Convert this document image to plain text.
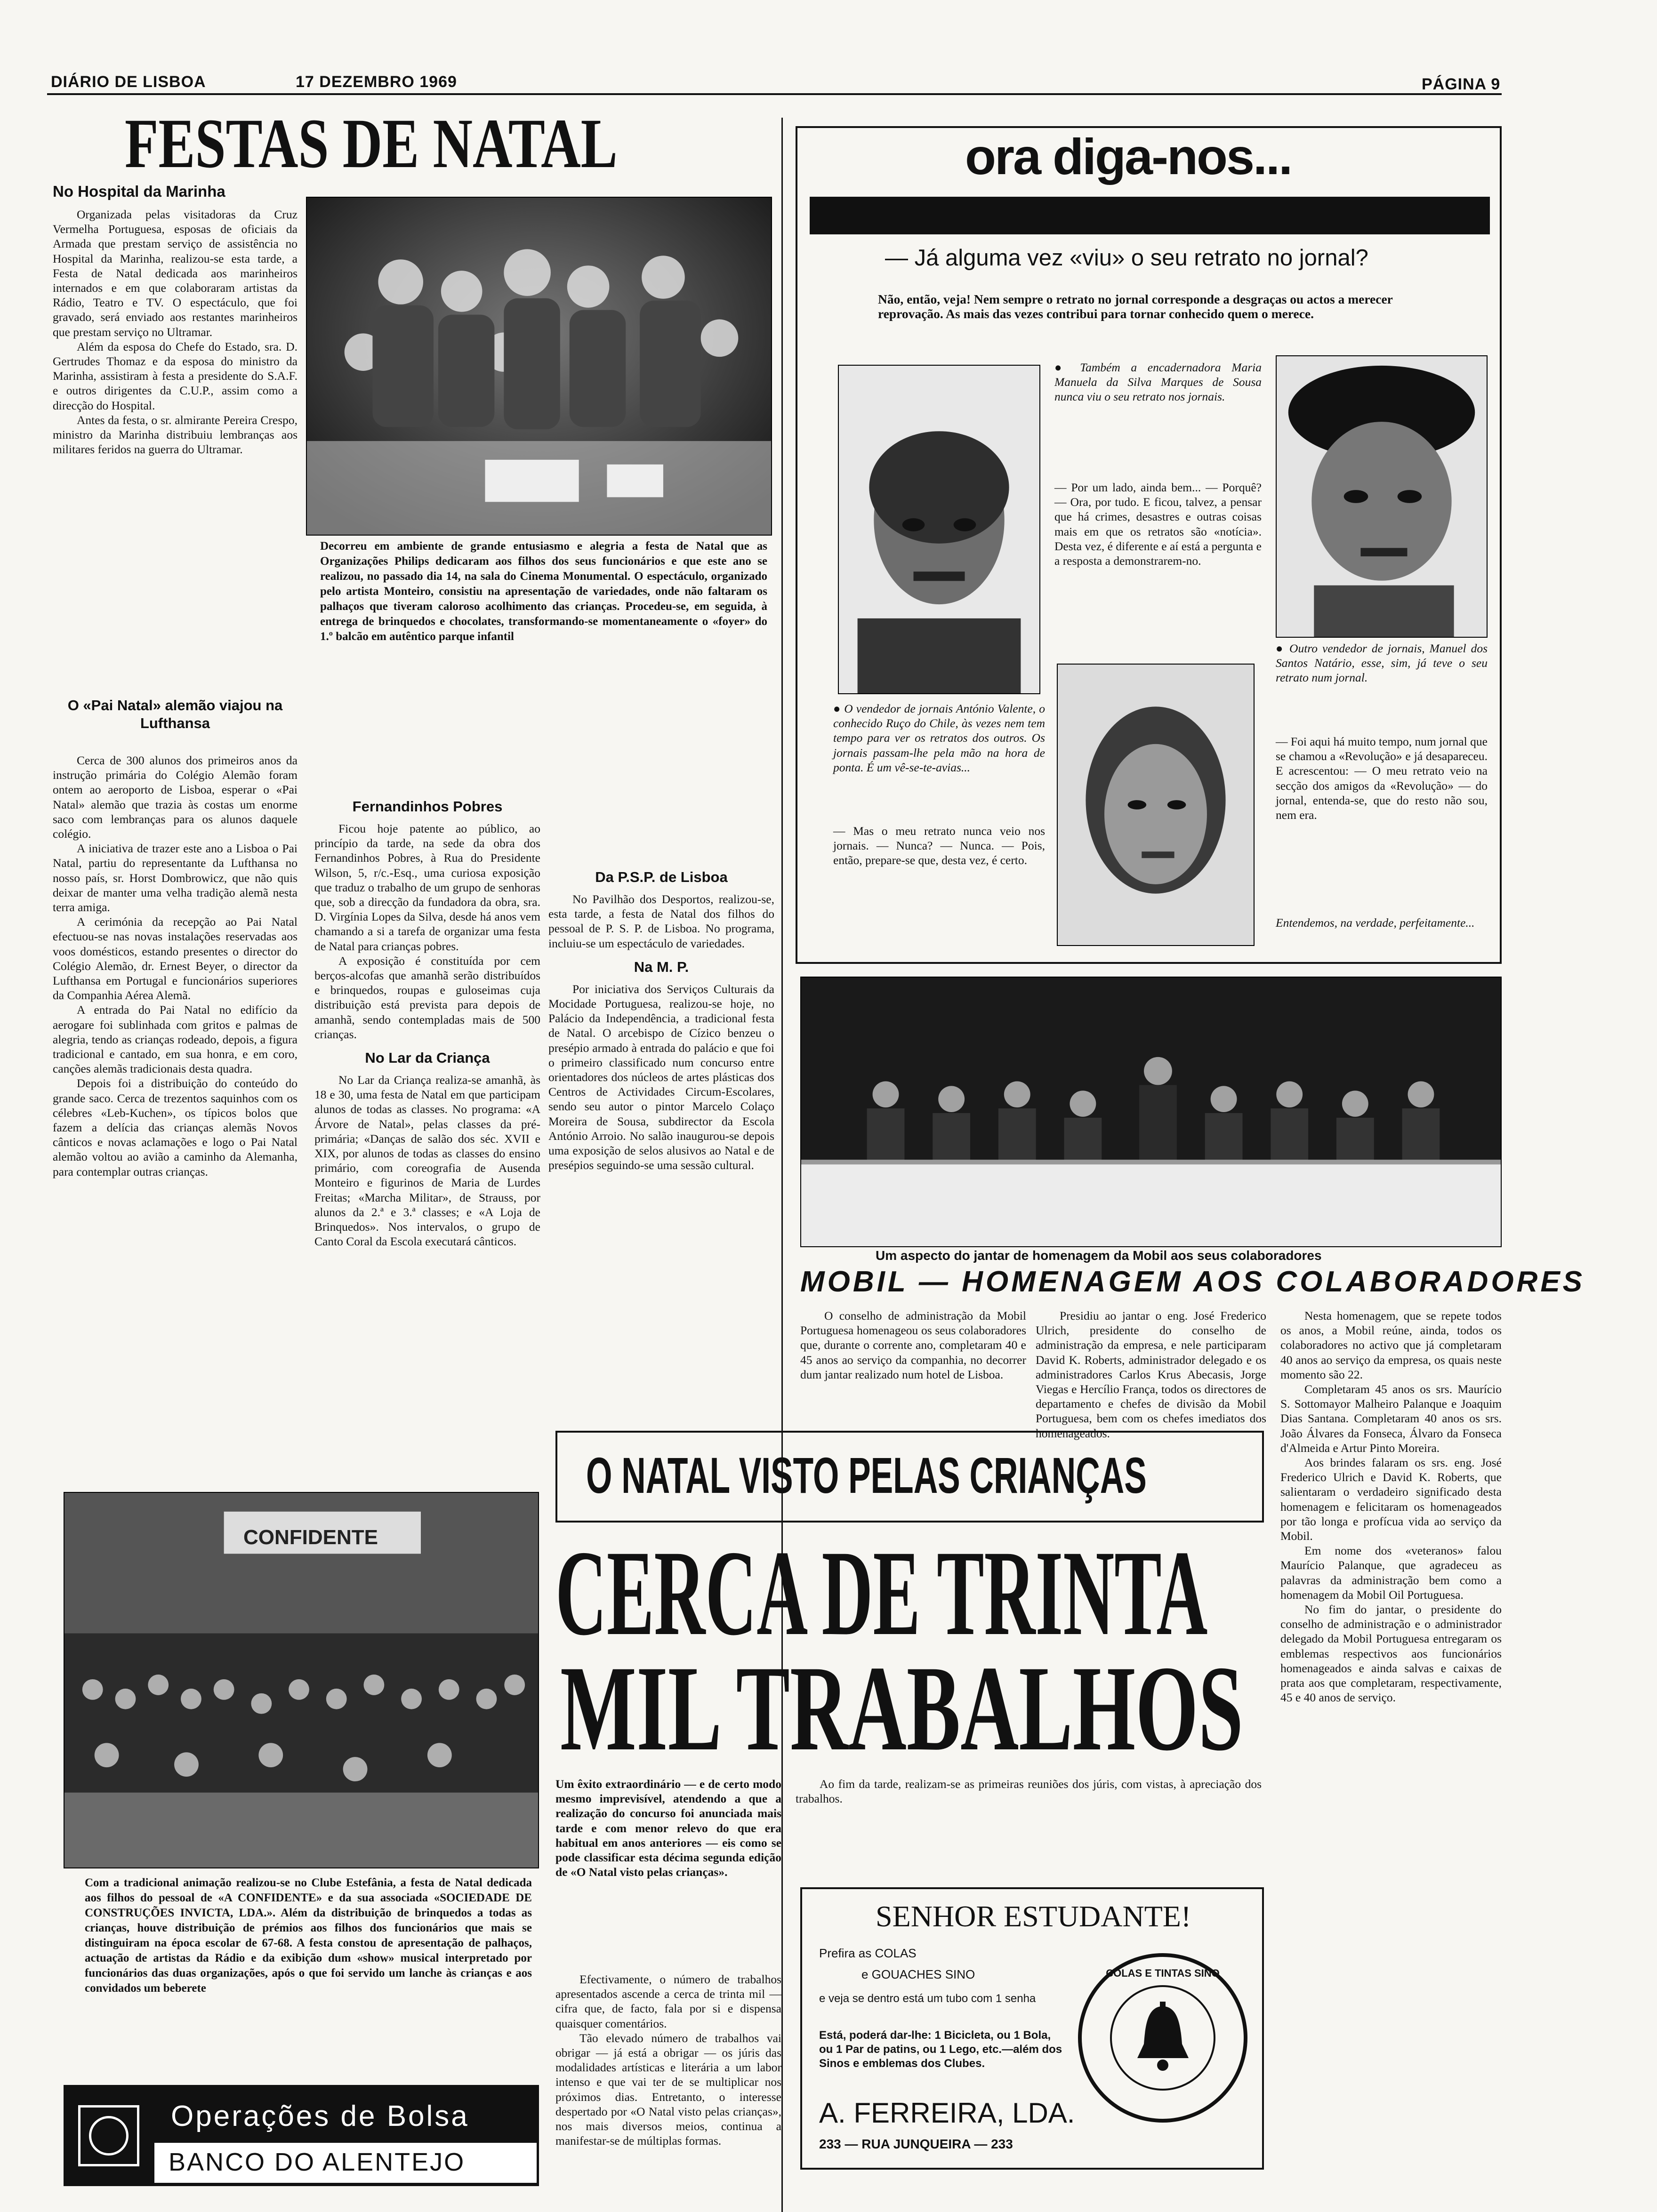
DIÁRIO DE LISBOA	17 DEZEMBRO 1969	PÁGINA 9
FESTAS DE NATAL
No Hospital da Marinha

Organizada pelas visitadoras da Cruz Vermelha Portuguesa, esposas de oficiais da Armada que prestam serviço de assistência no Hospital da Marinha, realizou-se esta tarde, a Festa de Natal dedicada aos marinheiros internados e em que colaboraram artistas da Rádio, Teatro e TV. O espectáculo, que foi gravado, será enviado aos restantes marinheiros que prestam serviço no Ultramar.

Além da esposa do Chefe do Estado, sra. D. Gertrudes Thomaz e da esposa do ministro da Marinha, assistiram à festa a presidente do S.A.F. e outros dirigentes da C.U.P., assim como a direcção do Hospital.

Antes da festa, o sr. almirante Pereira Crespo, ministro da Marinha distribuiu lembranças aos militares feridos na guerra do Ultramar.

Decorreu em ambiente de grande entusiasmo e alegria a festa de Natal que as Organizações Philips dedicaram aos filhos dos seus funcionários e que este ano se realizou, no passado dia 14, na sala do Cinema Monumental. O espectáculo, organizado pelo artista Monteiro, consistiu na apresentação de variedades, onde não faltaram os palhaços que tiveram caloroso acolhimento das crianças. Procedeu-se, em seguida, à entrega de brinquedos e chocolates, transformando-se momentaneamente o «foyer» do 1.º balcão em autêntico parque infantil
O «Pai Natal» alemão viajou na Lufthansa

Cerca de 300 alunos dos primeiros anos da instrução primária do Colégio Alemão foram ontem ao aeroporto de Lisboa, esperar o «Pai Natal» alemão que trazia às costas um enorme saco com lembranças para os alunos daquele colégio.

A iniciativa de trazer este ano a Lisboa o Pai Natal, partiu do representante da Lufthansa no nosso país, sr. Horst Dombrowicz, que não quis deixar de manter uma velha tradição alemã nesta terra amiga.

A cerimónia da recepção ao Pai Natal efectuou-se nas novas instalações reservadas aos voos domésticos, estando presentes o director do Colégio Alemão, dr. Ernest Beyer, o director da Lufthansa em Portugal e funcionários superiores da Companhia Aérea Alemã.

A entrada do Pai Natal no edifício da aerogare foi sublinhada com gritos e palmas de alegria, tendo as crianças rodeado, depois, a figura tradicional e cantado, em sua honra, e em coro, canções alemãs tradicionais desta quadra.

Depois foi a distribuição do conteúdo do grande saco. Cerca de trezentos saquinhos com os célebres «Leb-Kuchen», os típicos bolos que fazem a delícia das crianças alemãs Novos cânticos e novas aclamações e logo o Pai Natal alemão voltou ao avião a caminho da Alemanha, para contemplar outras crianças.

Fernandinhos Pobres

Ficou hoje patente ao público, ao princípio da tarde, na sede da obra dos Fernandinhos Pobres, à Rua do Presidente Wilson, 5, r/c.-Esq., uma curiosa exposição que traduz o trabalho de um grupo de senhoras que, sob a direcção da fundadora da obra, sra. D. Virgínia Lopes da Silva, desde há anos vem chamando a si a tarefa de organizar uma festa de Natal para crianças pobres.

A exposição é constituída por cem berços-alcofas que amanhã serão distribuídos e brinquedos, roupas e guloseimas cuja distribuição está prevista para depois de amanhã, sendo contempladas mais de 500 crianças.

No Lar da Criança

No Lar da Criança realiza-se amanhã, às 18 e 30, uma festa de Natal em que participam alunos de todas as classes. No programa: «A Árvore de Natal», pelas classes da pré-primária; «Danças de salão dos séc. XVII e XIX, por alunos de todas as classes do ensino primário, com coreografia de Ausenda Monteiro e figurinos de Maria de Lurdes Freitas; «Marcha Militar», de Strauss, por alunos da 2.ª e 3.ª classes; e «A Loja de Brinquedos». Nos intervalos, o grupo de Canto Coral da Escola executará cânticos.

Da P.S.P. de Lisboa

No Pavilhão dos Desportos, realizou-se, esta tarde, a festa de Natal dos filhos do pessoal de P. S. P. de Lisboa. No programa, incluiu-se um espectáculo de variedades.

Na M. P.

Por iniciativa dos Serviços Culturais da Mocidade Portuguesa, realizou-se hoje, no Palácio da Independência, a tradicional festa de Natal. O arcebispo de Cízico benzeu o presépio armado à entrada do palácio e que foi o primeiro classificado num concurso entre orientadores dos núcleos de artes plásticas dos Centros de Actividades Circum-Escolares, sendo seu autor o pintor Marcelo Colaço Moreira de Sousa, subdirector da Escola António Arroio. No salão inaugurou-se depois uma exposição de selos alusivos ao Natal e de presépios seguindo-se uma sessão cultural.

CONFIDENTE
Com a tradicional animação realizou-se no Clube Estefânia, a festa de Natal dedicada aos filhos do pessoal de «A CONFIDENTE» e da sua associada «SOCIEDADE DE CONSTRUÇÕES INVICTA, LDA.». Além da distribuição de brinquedos a todas as crianças, houve distribuição de prémios aos filhos dos funcionários que mais se distinguiram na época escolar de 67-68. A festa constou de apresentação de palhaços, actuação de artistas da Rádio e da exibição dum «show» musical interpretado por funcionários das duas organizações, após o que foi servido um lanche às crianças e aos convidados um beberete
Operações de Bolsa
BANCO DO ALENTEJO
ora diga-nos...
— Já alguma vez «viu» o seu retrato no jornal?
Não, então, veja! Nem sempre o retrato no jornal corresponde a desgraças ou actos a merecer reprovação. As mais das vezes contribui para tornar conhecido quem o merece.
● O vendedor de jornais António Valente, o conhecido Ruço do Chile, às vezes nem tem tempo para ver os retratos dos outros. Os jornais passam-lhe pela mão na hora de ponta. É um vê-se-te-avias...
— Mas o meu retrato nunca veio nos jornais. — Nunca? — Nunca. — Pois, então, prepare-se que, desta vez, é certo.
● Também a encadernadora Maria Manuela da Silva Marques de Sousa nunca viu o seu retrato nos jornais.
— Por um lado, ainda bem... — Porquê? — Ora, por tudo. E ficou, talvez, a pensar que há crimes, desastres e outras coisas mais em que os retratos são «notícia». Desta vez, é diferente e aí está a pergunta e a resposta a demonstrarem-no.
● Outro vendedor de jornais, Manuel dos Santos Natário, esse, sim, já teve o seu retrato num jornal.
— Foi aqui há muito tempo, num jornal que se chamou a «Revolução» e já desapareceu. E acrescentou: — O meu retrato veio na secção dos amigos da «Revolução» — do jornal, entenda-se, que do resto não sou, nem era.
Entendemos, na verdade, perfeitamente...
Um aspecto do jantar de homenagem da Mobil aos seus colaboradores
MOBIL — HOMENAGEM AOS COLABORADORES
O conselho de administração da Mobil Portuguesa homenageou os seus colaboradores que, durante o corrente ano, completaram 40 e 45 anos ao serviço da companhia, no decorrer dum jantar realizado num hotel de Lisboa.
Presidiu ao jantar o eng. José Frederico Ulrich, presidente do conselho de administração da empresa, e nele participaram David K. Roberts, administrador delegado e os administradores Carlos Krus Abecasis, Jorge Viegas e Hercílio França, todos os directores de departamento e chefes de divisão da Mobil Portuguesa, bem com os chefes imediatos dos homenageados.

Nesta homenagem, que se repete todos os anos, a Mobil reúne, ainda, todos os colaboradores no activo que já completaram 40 anos ao serviço da empresa, os quais neste momento são 22.

Completaram 45 anos os srs. Maurício S. Sottomayor Malheiro Palanque e Joaquim Dias Santana. Completaram 40 anos os srs. João Álvares da Fonseca, Álvaro da Fonseca d'Almeida e Artur Pinto Moreira.

Aos brindes falaram os srs. eng. José Frederico Ulrich e David K. Roberts, que salientaram o verdadeiro significado desta homenagem e felicitaram os homenageados por tão longa e profícua vida ao serviço da Mobil.

Em nome dos «veteranos» falou Maurício Palanque, que agradeceu as palavras da administração bem como a homenagem da Mobil Oil Portuguesa.

No fim do jantar, o presidente do conselho de administração e o administrador delegado da Mobil Portuguesa entregaram os emblemas respectivos aos funcionários homenageados e ainda salvas e caixas de prata aos que completaram, respectivamente, 45 e 40 anos de serviço.

O NATAL VISTO PELAS CRIANÇAS
CERCA DE TRINTA
MIL TRABALHOS
Um êxito extraordinário — e de certo modo mesmo imprevisível, atendendo a que a realização do concurso foi anunciada mais tarde e com menor relevo do que era habitual em anos anteriores — eis como se pode classificar esta décima segunda edição de «O Natal visto pelas crianças».

Efectivamente, o número de trabalhos apresentados ascende a cerca de trinta mil — cifra que, de facto, fala por si e dispensa quaisquer comentários.

Tão elevado número de trabalhos vai obrigar — já está a obrigar — os júris das modalidades artísticas e literária a um labor intenso e que vai ter de se multiplicar nos próximos dias. Entretanto, o interesse despertado por «O Natal visto pelas crianças», nos mais diversos meios, continua a manifestar-se de múltiplas formas.

Ao fim da tarde, realizam-se as primeiras reuniões dos júris, com vistas, à apreciação dos trabalhos.
SENHOR ESTUDANTE!
Prefira as COLAS
e GOUACHES SINO
e veja se dentro está um tubo com 1 senha
Está, poderá dar-lhe: 1 Bicicleta, ou 1 Bola, ou 1 Par de patins, ou 1 Lego, etc.—além dos Sinos e emblemas dos Clubes.
A. FERREIRA, LDA.
233 — RUA JUNQUEIRA — 233
COLAS E TINTAS SINO
